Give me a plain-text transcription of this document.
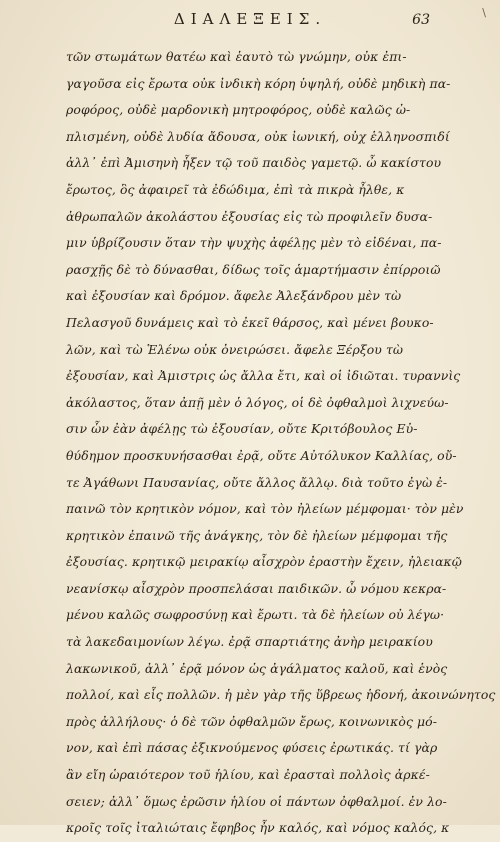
\
ΔΙΑΛΕΞΕΙΣ.	63
τῶν στωμάτων θατέω καὶ ἑαυτὸ τὼ γνώμην, οὐκ ἐπι-
γαγοῦσα εἰς ἔρωτα οὐκ ἰνδικὴ κόρη ὑψηλή, οὐδὲ μηδικὴ πα-
ροφόρος, οὐδὲ μαρδονικὴ μητροφόρος, οὐδὲ καλῶς ὠ-
πλισμένη, οὐδὲ λυδία ἄδουσα, οὐκ ἰωνική, οὐχ ἑλληνοσπιδί
ἀλλ᾽ ἐπὶ Ἀμισηνὴ ἧξεν τῷ τοῦ παιδὸς γαμετῷ. ὦ κακίστου
ἔρωτος, ὃς ἀφαιρεῖ τὰ ἐδώδιμα, ἐπὶ τὰ πικρὰ ἦλθε, κ
ἀθρωπαλῶν ἀκολάστου ἐξουσίας εἰς τὼ προφιλεῖν δυσα-
μιν ὑβρίζουσιν ὅταν τὴν ψυχὴς ἀφέλῃς μὲν τὸ εἰδέναι, πα-
ρασχῇς δὲ τὸ δύνασθαι, δίδως τοῖς ἁμαρτήμασιν ἐπίρροιῶ
καὶ ἐξουσίαν καὶ δρόμον. ἄφελε Ἀλεξάνδρου μὲν τὼ
Πελασγοῦ δυνάμεις καὶ τὸ ἐκεῖ θάρσος, καὶ μένει βουκο-
λῶν, καὶ τὼ Ἑλένω οὐκ ὀνειρώσει. ἄφελε Ξέρξου τὼ
ἐξουσίαν, καὶ Ἀμιστρις ὡς ἄλλα ἔτι, καὶ οἱ ἰδιῶται. τυραννὶς
ἀκόλαστος, ὅταν ἀπῇ μὲν ὁ λόγος, οἱ δὲ ὀφθαλμοὶ λιχνεύω-
σιν ὧν ἐὰν ἀφέλῃς τὼ ἐξουσίαν, οὔτε Κριτόβουλος Εὐ-
θύδημον προσκυνήσασθαι ἐρᾷ, οὔτε Αὐτόλυκον Καλλίας, οὔ-
τε Ἀγάθωνι Παυσανίας, οὔτε ἄλλος ἄλλῳ. διὰ τοῦτο ἐγὼ ἐ-
παινῶ τὸν κρητικὸν νόμον, καὶ τὸν ἠλείων μέμφομαι· τὸν μὲν
κρητικὸν ἐπαινῶ τῆς ἀνάγκης, τὸν δὲ ἠλείων μέμφομαι τῆς
ἐξουσίας. κρητικῷ μειρακίῳ αἶσχρὸν ἐραστὴν ἔχειν, ἠλειακῷ
νεανίσκῳ αἶσχρὸν προσπελάσαι παιδικῶν. ὦ νόμου κεκρα-
μένου καλῶς σωφροσύνῃ καὶ ἔρωτι. τὰ δὲ ἠλείων οὐ λέγω·
τὰ λακεδαιμονίων λέγω. ἐρᾷ σπαρτιάτης ἀνὴρ μειρακίου
λακωνικοῦ, ἀλλ᾽ ἐρᾷ μόνον ὡς ἀγάλματος καλοῦ, καὶ ἑνὸς
πολλοί, καὶ εἷς πολλῶν. ἡ μὲν γὰρ τῆς ὕβρεως ἡδονή, ἀκοινώνητος
πρὸς ἀλλήλους· ὁ δὲ τῶν ὀφθαλμῶν ἔρως, κοινωνικὸς μό-
νον, καὶ ἐπὶ πάσας ἐξικνούμενος φύσεις ἐρωτικάς. τί γὰρ
ἂν εἴη ὡραιότερον τοῦ ἡλίου, καὶ ἐρασταὶ πολλοὶς ἀρκέ-
σειεν; ἀλλ᾽ ὅμως ἐρῶσιν ἡλίου οἱ πάντων ὀφθαλμοί. ἐν λο-
κροῖς τοῖς ἰταλιώταις ἔφηβος ἦν καλός, καὶ νόμος καλός, κ
